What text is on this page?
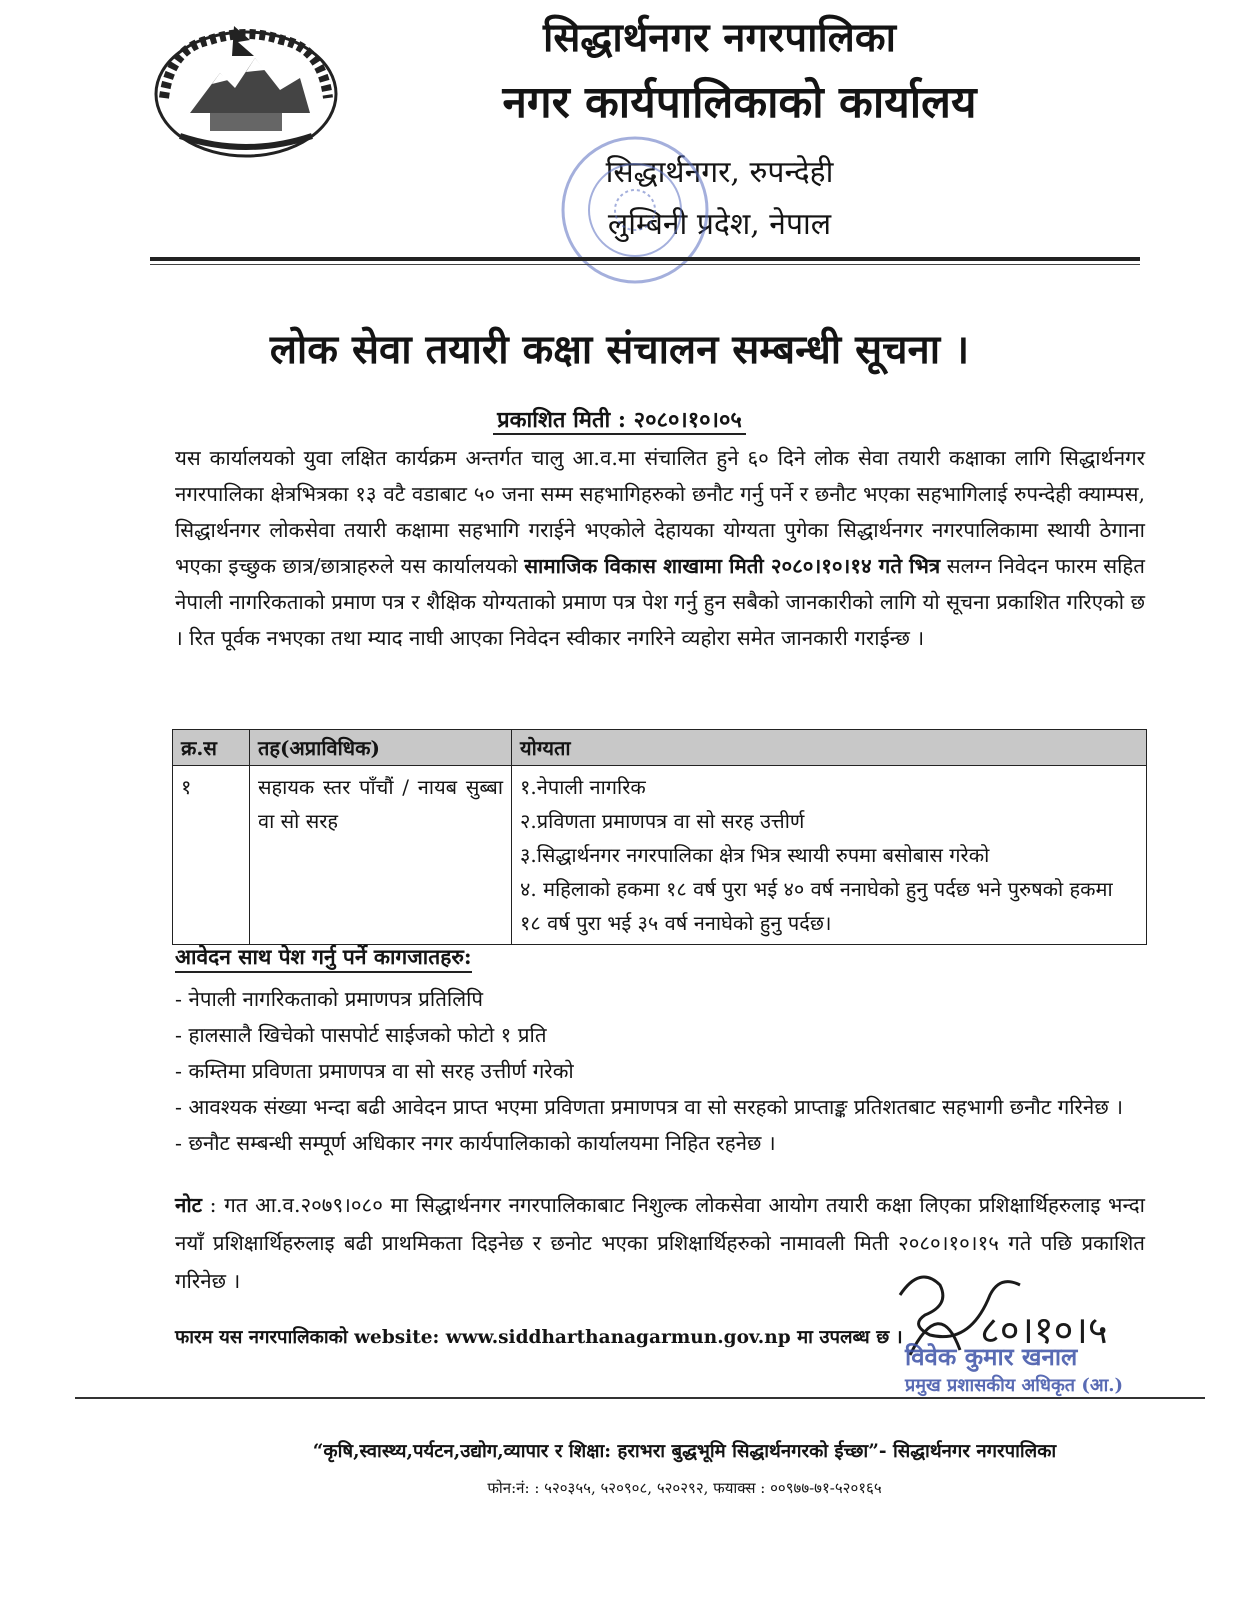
सिद्धार्थनगर नगरपालिका
नगर कार्यपालिकाको कार्यालय
सिद्धार्थनगर, रुपन्देही
लुम्बिनी प्रदेश, नेपाल
लोक सेवा तयारी कक्षा संचालन सम्बन्धी सूचना ।
प्रकाशित मिती : २०८०।१०।०५
यस कार्यालयको युवा लक्षित कार्यक्रम अन्तर्गत चालु आ.व.मा संचालित हुने ६० दिने लोक सेवा तयारी कक्षाका लागि सिद्धार्थनगर नगरपालिका क्षेत्रभित्रका १३ वटै वडाबाट ५० जना सम्म सहभागिहरुको छनौट गर्नु पर्ने र छनौट भएका सहभागिलाई रुपन्देही क्याम्पस, सिद्धार्थनगर लोकसेवा तयारी कक्षामा सहभागि गराईने भएकोले देहायका योग्यता पुगेका सिद्धार्थनगर नगरपालिकामा स्थायी ठेगाना भएका इच्छुक छात्र/छात्राहरुले यस कार्यालयको सामाजिक विकास शाखामा मिती २०८०।१०।१४ गते भित्र सलग्न निवेदन फारम सहित नेपाली नागरिकताको प्रमाण पत्र र शैक्षिक योग्यताको प्रमाण पत्र पेश गर्नु हुन सबैको जानकारीको लागि यो सूचना प्रकाशित गरिएको छ । रित पूर्वक नभएका तथा म्याद नाघी आएका निवेदन स्वीकार नगरिने व्यहोरा समेत जानकारी गराईन्छ ।
क्र.स	तह(अप्राविधिक)	योग्यता
१	सहायक स्तर पाँचौं / नायब सुब्बा वा सो सरह	१.नेपाली नागरिक
२.प्रविणता प्रमाणपत्र वा सो सरह उत्तीर्ण
३.सिद्धार्थनगर नगरपालिका क्षेत्र भित्र स्थायी रुपमा बसोबास गरेको
४. महिलाको हकमा १८ वर्ष पुरा भई ४० वर्ष ननाघेको हुनु पर्दछ भने पुरुषको हकमा १८ वर्ष पुरा भई ३५ वर्ष ननाघेको हुनु पर्दछ।
आवेदन साथ पेश गर्नु पर्ने कागजातहरु:
- नेपाली नागरिकताको प्रमाणपत्र प्रतिलिपि
- हालसालै खिचेको पासपोर्ट साईजको फोटो १ प्रति
- कम्तिमा प्रविणता प्रमाणपत्र वा सो सरह उत्तीर्ण गरेको
- आवश्यक संख्या भन्दा बढी आवेदन प्राप्त भएमा प्रविणता प्रमाणपत्र वा सो सरहको प्राप्ताङ्क प्रतिशतबाट सहभागी छनौट गरिनेछ ।
- छनौट सम्बन्धी सम्पूर्ण अधिकार नगर कार्यपालिकाको कार्यालयमा निहित रहनेछ ।
नोट : गत आ.व.२०७९।०८० मा सिद्धार्थनगर नगरपालिकाबाट निशुल्क लोकसेवा आयोग तयारी कक्षा लिएका प्रशिक्षार्थिहरुलाइ भन्दा नयाँ प्रशिक्षार्थिहरुलाइ बढी प्राथमिकता दिइनेछ र छनोट भएका प्रशिक्षार्थिहरुको नामावली मिती २०८०।१०।१५ गते पछि प्रकाशित गरिनेछ ।
फारम यस नगरपालिकाको website: www.siddharthanagarmun.gov.np मा उपलब्ध छ । ८०।१०।५
विवेक कुमार खनाल
प्रमुख प्रशासकीय अधिकृत (आ.)
“कृषि,स्वास्थ्य,पर्यटन,उद्योग,व्यापार र शिक्षा: हराभरा बुद्धभूमि सिद्धार्थनगरको ईच्छा”- सिद्धार्थनगर नगरपालिका
फोन:नं: : ५२०३५५, ५२०९०८, ५२०२९२, फयाक्स : ००९७७-७१-५२०१६५
